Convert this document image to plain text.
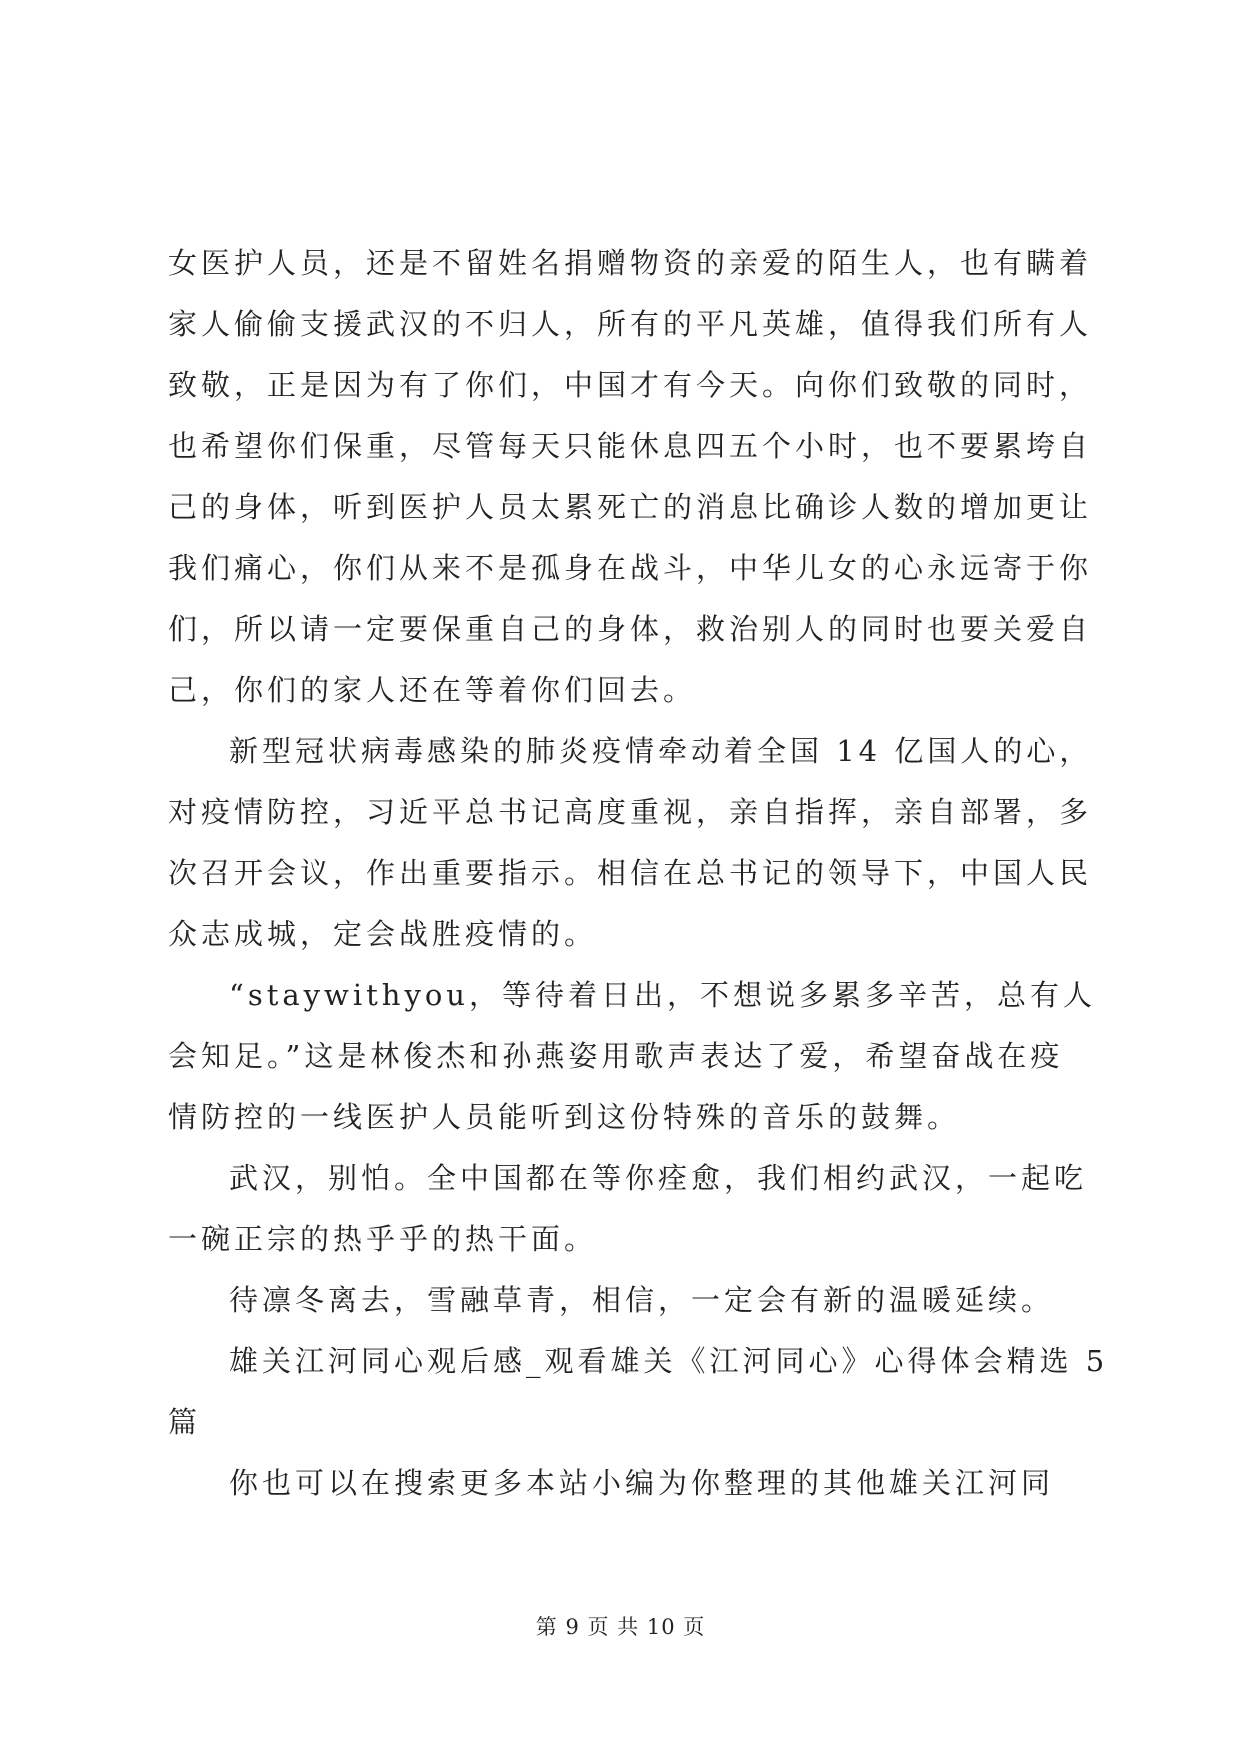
女医护人员，还是不留姓名捐赠物资的亲爱的陌生人，也有瞒着
家人偷偷支援武汉的不归人，所有的平凡英雄，值得我们所有人
致敬，正是因为有了你们，中国才有今天。向你们致敬的同时，
也希望你们保重，尽管每天只能休息四五个小时，也不要累垮自
己的身体，听到医护人员太累死亡的消息比确诊人数的增加更让
我们痛心，你们从来不是孤身在战斗，中华儿女的心永远寄于你
们，所以请一定要保重自己的身体，救治别人的同时也要关爱自
己，你们的家人还在等着你们回去。
新型冠状病毒感染的肺炎疫情牵动着全国 14 亿国人的心，
对疫情防控，习近平总书记高度重视，亲自指挥，亲自部署，多
次召开会议，作出重要指示。相信在总书记的领导下，中国人民
众志成城，定会战胜疫情的。
“staywithyou，等待着日出，不想说多累多辛苦，总有人
会知足。”这是林俊杰和孙燕姿用歌声表达了爱，希望奋战在疫
情防控的一线医护人员能听到这份特殊的音乐的鼓舞。
武汉，别怕。全中国都在等你痊愈，我们相约武汉，一起吃
一碗正宗的热乎乎的热干面。
待凛冬离去，雪融草青，相信，一定会有新的温暖延续。
雄关江河同心观后感_观看雄关《江河同心》心得体会精选 5
篇
你也可以在搜索更多本站小编为你整理的其他雄关江河同
第 9 页 共 10 页
